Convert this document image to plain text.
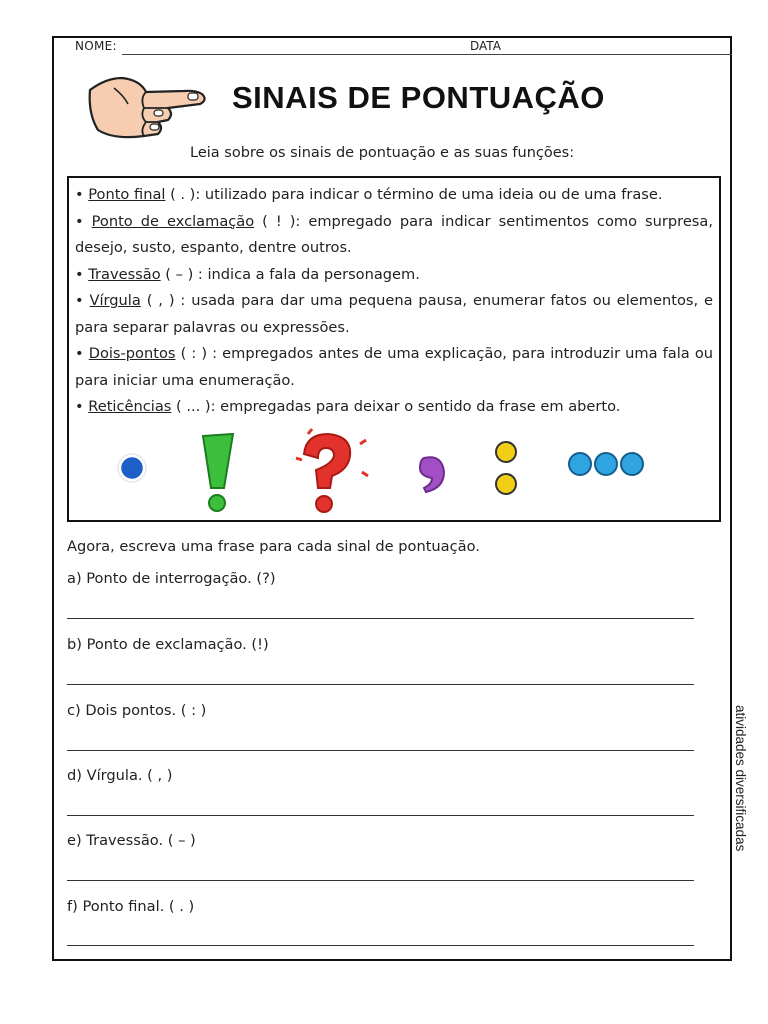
NOME:	DATA
SINAIS DE PONTUAÇÃO
Leia sobre os sinais de pontuação e as suas funções:

• Ponto final ( . ): utilizado para indicar o término de uma ideia ou de uma frase.

• Ponto de exclamação ( ! ): empregado para indicar sentimentos como surpresa, desejo, susto, espanto, dentre outros.

• Travessão ( – ) : indica a fala da personagem.

• Vírgula ( , ) : usada para dar uma pequena pausa, enumerar fatos ou elementos, e para separar palavras ou expressões.

• Dois-pontos ( : ) : empregados antes de uma explicação, para introduzir uma fala ou para iniciar uma enumeração.

• Reticências ( ... ): empregadas para deixar o sentido da frase em aberto.

Agora, escreva uma frase para cada sinal de pontuação.
a) Ponto de interrogação. (?)
b) Ponto de exclamação. (!)
c) Dois pontos. ( : )
d) Vírgula. ( , )
e) Travessão. ( – )
f) Ponto final. ( . )
atividades diversificadas
